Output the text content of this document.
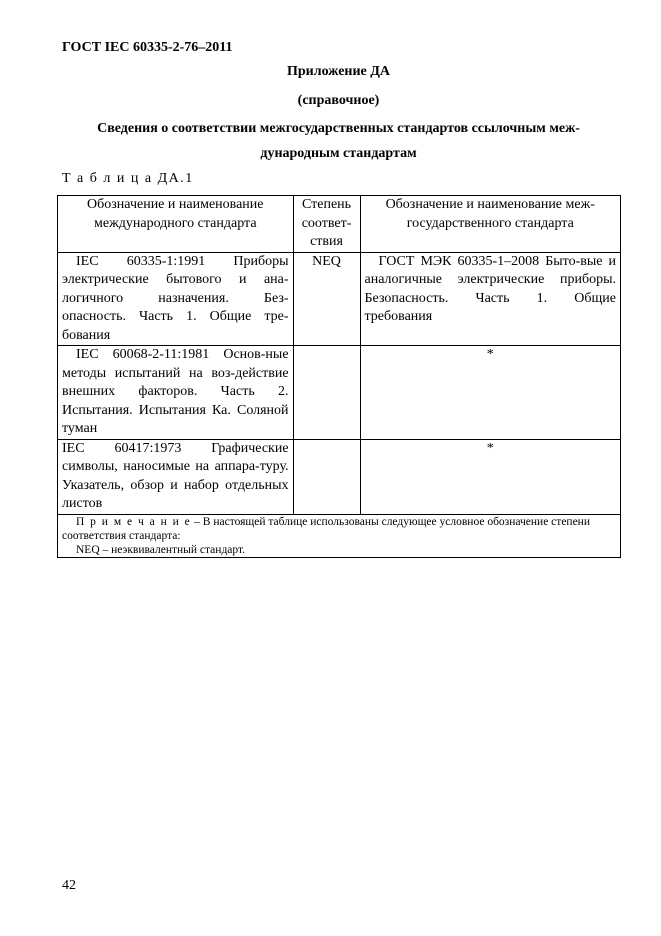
ГОСТ IEC 60335-2-76–2011
Приложение ДА
(справочное)
Сведения о соответствии межгосударственных стандартов ссылочным меж-
дународным стандартам
Т а б л и ц а ДА.1
Обозначение и наименование международного стандарта	Степень соответ-ствия	Обозначение и наименование меж-государственного стандарта
IEC 60335-1:1991 Приборы электрические бытового и ана-логичного назначения. Без-опасность. Часть 1. Общие тре-бования	NEQ	ГОСТ МЭК 60335-1–2008 Быто-вые и аналогичные электрические приборы. Безопасность. Часть 1. Общие требования
IEC 60068-2-11:1981 Основ-ные методы испытаний на воз-действие внешних факторов. Часть 2. Испытания. Испытания Ка. Соляной туман		*
IEC 60417:1973 Графические символы, наносимые на аппара-туру. Указатель, обзор и набор отдельных листов		*

П р и м е ч а н и е – В настоящей таблице использованы следующее условное обозначение степени соответствия стандарта:
NEQ – неэквивалентный стандарт.		
42
